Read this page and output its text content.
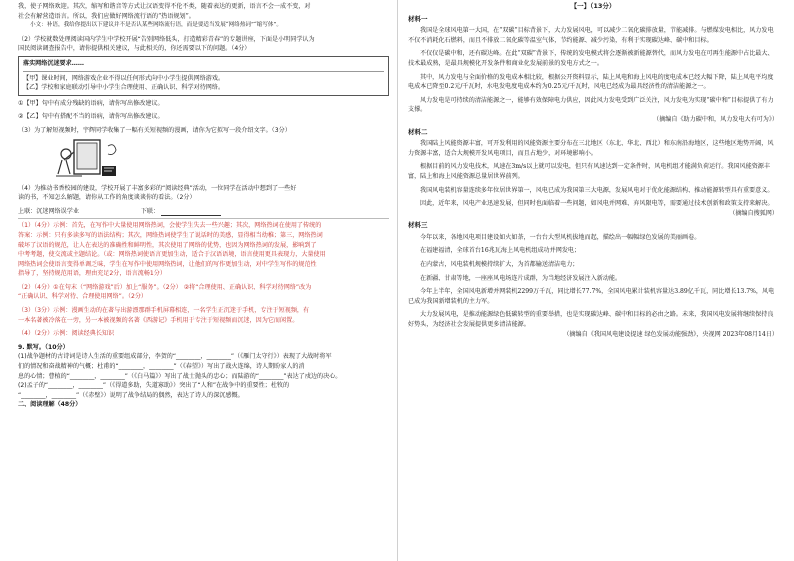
我，使子网络欢迎。其次，缩写和谐音等方式让汉语变得不伦不类，随着表达的更新，语言不会一成不变，对

社会有解营造语言。所以，我们应做好网络流行语的“热语规划”。

小文：补语，我给你提出以下建议并不是否认某些网络流行语，而是要适当发展“网络热词”“缩写体”。

（2）学校就数处理阅读国内学生中学校开展“告别网络低头，打造精彩青春”的专题讲座，下面是小明同学认为

国民阅读调查报告中，请你提供相关建议，与此相关的，你还需要以下的问题。（4分）

落实网络沉迷要求……

【甲】课业时间，网络游戏企业不得以任何形式向中小学生提供网络游戏。

【乙】学校和家庭联动引导中小学生合理使用、正确认识、科学对待网络。

①【甲】句中有成分残缺的语病，请你写出修改建议。

②【乙】句中有搭配不当的语病，请你写出修改建议。

（3）为了解短视频时，宇辉同学收集了一幅有关短视频的漫画，请你为它拟写一段介绍文字。（3分）

（4）为推动书香校园的建设，学校开展了丰富多彩的“阅读经典”活动，一位同学在活动中想到了一些好

读的书，不知怎么解题，请你从工作的角度谈谈你的看法。（2分）

上联：沉迷网络误学业	下联：

（1）（4分）示例：首先，在写作中大量使用网络热词，会使学生失去一些兴趣；其次，网络热词在使用了传统的

答案：示例：只有多读多写的语法结构；其次，网络热词使学生了说话时的美感，显得相当幼稚；第三，网络热词

破坏了汉语的规范，让人在表达的准确性和鲜明性，其次使用了网络的优势，也因为网络热词的发展，影响到了

中考考题，使交流或主题结论。（或：网络热词使语言更加生动，适合于汉语语境，语言使用更具表现力，大量使用

网络热词会使语言变得单调乏味，学生在写作中使用网络热词，让他们的写作更加生动，对中学生写作的规范性

指导了，坚持规范用语，理由充足2分，语言流畅1分）

（2）（4分）①在句末（“网络游戏”后）加上“服务”。（2分） ②将“合理使用、正确认识、科学对待网络”改为

“正确认识、科学对待、合理使用网络”。（2分）

（3）（3分）示例：漫画生动的在著与出游漂那群手机屏幕相连，一名学生正沉迷于手机，专注于短视频，有

一本名著被冷落在一旁，另一本被视频的名著《西游记》手机用于专注于短视频而沉迷，因为它而闲置。

（4）（2分）示例：阅读经典长知识

9. 默写。（10分）

(1)战争题材的古诗词是诗人生活的重要组成部分，李贺的“________，________”（《雁门太守行》）表现了大战时将军

们的情况和奋战精神的气概；杜甫的“________，________”（《春望》）写出了战火连绵，诗人期盼家人的消

息的心情；曹植的“________，________”（《白马篇》）写出了战士抛头的忠心；而陆游的“________”表达了戍边的决心。

(2)孟子的“________，________”（《得道多助，失道寡助》）突出了“人和”在战争中的重要性；杜牧的

“________，________”（《赤壁》）说明了战争结局的偶然，表达了诗人的深沉感慨。

二、阅读理解（48分）

【一】（13分）

材料一

我国是全球风电第一大国，在“双碳”目标背景下，大力发展风电，可以减少二氧化碳排放量，节能减排。与燃煤发电相比，风力发电不仅不消耗化石燃料，而且不排放二氧化碳等温室气体，节约能源、减少污染，有利于实现碳达峰、碳中和目标。

不仅仅是碳中和，还有碳达峰。在此“双碳”背景下，传统的发电模式将会逐渐被新能源替代，而风力发电在可再生能源中占比最大、技术最成熟，是最具规模化开发条件和商业化发展前景的发电方式之一。

其中，风力发电与全面价格的发电成本相比较，根据公开资料显示，陆上风电和海上风电的度电成本已经大幅下降，陆上风电平均度电成本已降至0.2元/千瓦时，水电发电度电成本约为0.25元/千瓦时，风电已经成为最具经济性的清洁能源之一。

风力发电是可持续的清洁能源之一，能够有效保障电力供应，因此风力发电受到广泛关注，风力发电为实现“碳中和”目标提供了有力支撑。

（摘编自《助力碳中和，风力发电大有可为》）

材料二

我国陆上风能资源丰富，可开发利用的风能资源主要分布在三北地区（东北、华北、西北）和东南沿海地区，这些地区地势开阔，风力资源丰富，适合大规模开发风电项目，而且占地少，对环境影响小。

根据目前的风力发电技术，风速在3m/s以上就可以发电，但只有风速达到一定条件时，风电机组才能满负荷运行。我国风能资源丰富，陆上和海上风能资源总量居世界前列。

我国风电装机容量连续多年位居世界第一，风电已成为我国第三大电源，发展风电对于优化能源结构、推动能源转型具有重要意义。

因此，近年来，风电产业迅速发展，但同时也面临着一些问题，如风电并网难、弃风限电等，需要通过技术创新和政策支持来解决。

（摘编自搜狐网）

材料三

今年以来，各地风电项目建设如火如荼，一台台大型风机拔地而起，描绘出一幅幅绿色发展的美丽画卷。

在福建福清，全球首台16兆瓦海上风电机组成功并网发电；

在内蒙古，风电装机规模持续扩大，为首都输送清洁电力；

在新疆、甘肃等地，一座座风电场连片成群，为当地经济发展注入新动能。

今年上半年，全国风电新增并网装机2299万千瓦，同比增长77.7%，全国风电累计装机容量达3.89亿千瓦，同比增长13.7%，风电已成为我国新增装机的主力军。

大力发展风电，是推动能源绿色低碳转型的重要举措，也是实现碳达峰、碳中和目标的必由之路。未来，我国风电发展将继续保持良好势头，为经济社会发展提供更多清洁能源。

（摘编自《我国风电建设提速 绿色发展动能强劲》，央视网 2023年08月14日）
